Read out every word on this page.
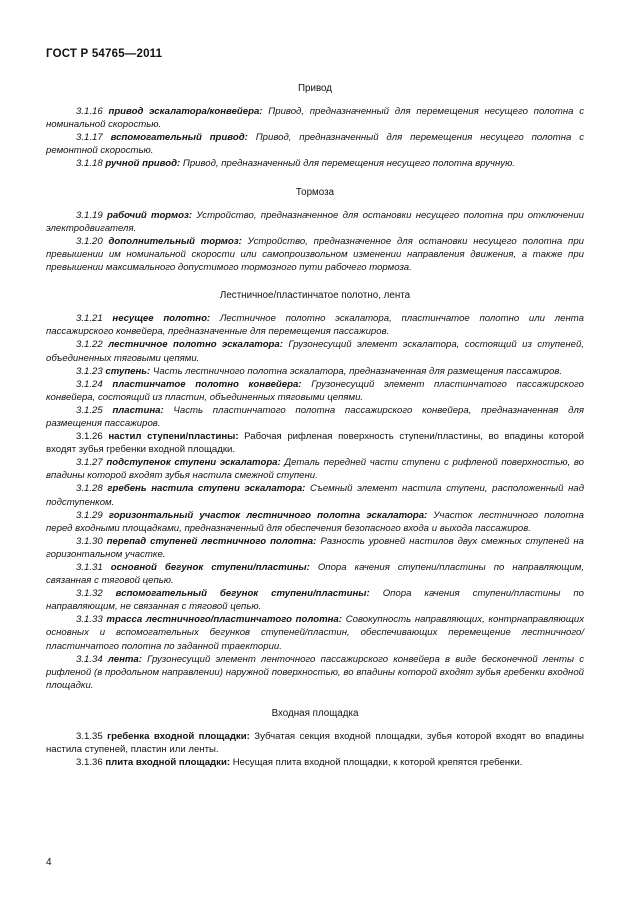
ГОСТ Р 54765—2011
Привод

3.1.16 привод эскалатора/конвейера: Привод, предназначенный для перемещения несущего полотна с номинальной скоростью.

3.1.17 вспомогательный привод: Привод, предназначенный для перемещения несущего полотна с ремонтной скоростью.

3.1.18 ручной привод: Привод, предназначенный для перемещения несущего полотна вручную.

Тормоза

3.1.19 рабочий тормоз: Устройство, предназначенное для остановки несущего полотна при отключении электродвигателя.

3.1.20 дополнительный тормоз: Устройство, предназначенное для остановки несущего полотна при превышении им номинальной скорости или самопроизвольном изменении направления движения, а также при превышении максимального допустимого тормозного пути рабочего тормоза.

Лестничное/пластинчатое полотно, лента

3.1.21 несущее полотно: Лестничное полотно эскалатора, пластинчатое полотно или лента пассажирского конвейера, предназначенные для перемещения пассажиров.

3.1.22 лестничное полотно эскалатора: Грузонесущий элемент эскалатора, состоящий из ступеней, объединенных тяговыми цепями.

3.1.23 ступень: Часть лестничного полотна эскалатора, предназначенная для размещения пассажиров.

3.1.24 пластинчатое полотно конвейера: Грузонесущий элемент пластинчатого пассажирского конвейера, состоящий из пластин, объединенных тяговыми цепями.

3.1.25 пластина: Часть пластинчатого полотна пассажирского конвейера, предназначенная для размещения пассажиров.

3.1.26 настил ступени/пластины: Рабочая рифленая поверхность ступени/пластины, во впадины которой входят зубья гребенки входной площадки.

3.1.27 подступенок ступени эскалатора: Деталь передней части ступени с рифленой поверхностью, во впадины которой входят зубья настила смежной ступени.

3.1.28 гребень настила ступени эскалатора: Съемный элемент настила ступени, расположенный над подступенком.

3.1.29 горизонтальный участок лестничного полотна эскалатора: Участок лестничного полотна перед входными площадками, предназначенный для обеспечения безопасного входа и выхода пассажиров.

3.1.30 перепад ступеней лестничного полотна: Разность уровней настилов двух смежных ступеней на горизонтальном участке.

3.1.31 основной бегунок ступени/пластины: Опора качения ступени/пластины по направляющим, связанная с тяговой цепью.

3.1.32 вспомогательный бегунок ступени/пластины: Опора качения ступени/пластины по направляющим, не связанная с тяговой цепью.

3.1.33 трасса лестничного/пластинчатого полотна: Совокупность направляющих, контрнаправляющих основных и вспомогательных бегунков ступеней/пластин, обеспечивающих перемещение лестничного/пластинчатого полотна по заданной траектории.

3.1.34 лента: Грузонесущий элемент ленточного пассажирского конвейера в виде бесконечной ленты с рифленой (в продольном направлении) наружной поверхностью, во впадины которой входят зубья гребенки входной площадки.

Входная площадка

3.1.35 гребенка входной площадки: Зубчатая секция входной площадки, зубья которой входят во впадины настила ступеней, пластин или ленты.

3.1.36 плита входной площадки: Несущая плита входной площадки, к которой крепятся гребенки.

4
